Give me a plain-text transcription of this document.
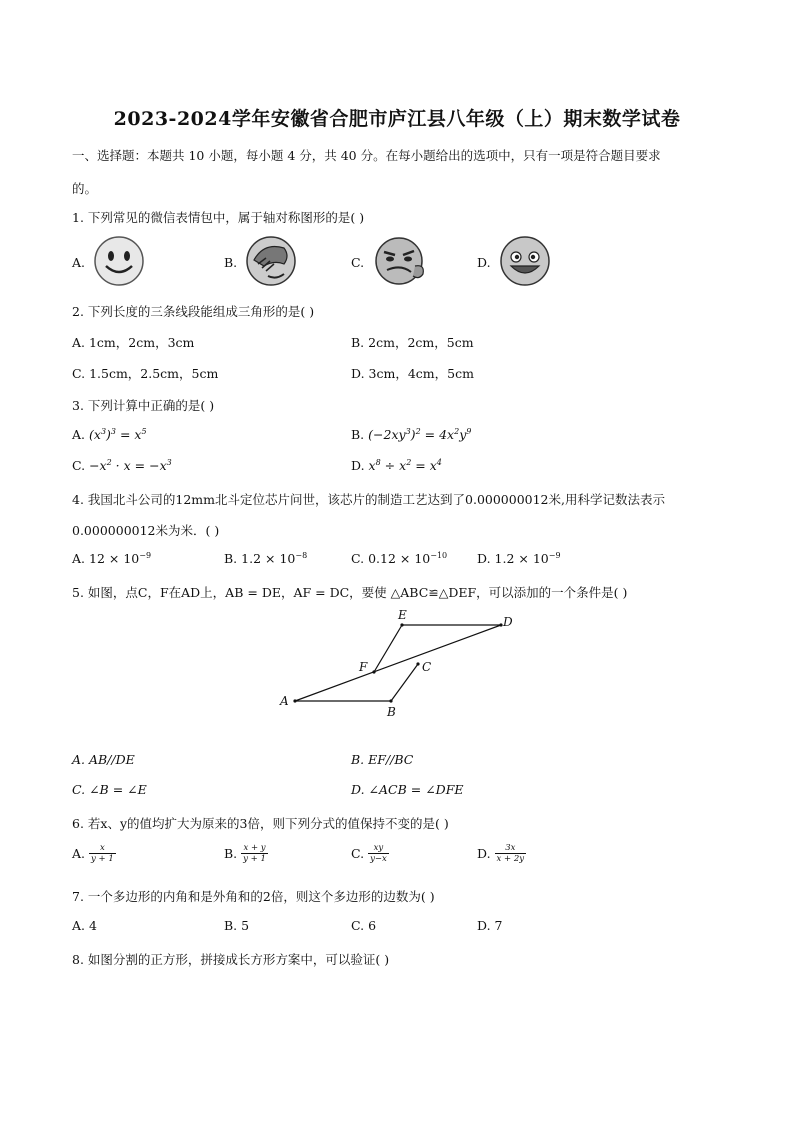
2023-2024学年安徽省合肥市庐江县八年级（上）期末数学试卷
一、选择题：本题共 10 小题，每小题 4 分，共 40 分。在每小题给出的选项中，只有一项是符合题目要求
的。
1. 下列常见的微信表情包中，属于轴对称图形的是( )
A.	B.	C.	D.
2. 下列长度的三条线段能组成三角形的是( )
A. 1cm，2cm，3cm	B. 2cm，2cm，5cm
C. 1.5cm，2.5cm，5cm	D. 3cm，4cm，5cm
3. 下列计算中正确的是( )
A. $(x^3)^3 = x^5$	B. $(-2xy^3)^2 = 4x^2y^9$
C. $-x^2 \cdot x = -x^3$	D. $x^8 \div x^2 = x^4$
4. 我国北斗公司的12mm北斗定位芯片问世，该芯片的制造工艺达到了0.000000012米,用科学记数法表示
0.000000012米为米．( )
A. $12 \times 10^{-9}$	B. $1.2 \times 10^{-8}$	C. $0.12 \times 10^{-10}$ D. $1.2 \times 10^{-9}$
5. 如图，点C，F在AD上，AB = DE，AF = DC，要使 △ABC≌△DEF，可以添加的一个条件是( )
A
B
C
D
E
F
A. AB//DE	B. EF//BC
C. ∠B = ∠E	D. ∠ACB = ∠DFE
6. 若x、y的值均扩大为原来的3倍，则下列分式的值保持不变的是( )
A. $\frac{x}{y + 1}$	B. $\frac{x + y}{y + 1}$	C. $\frac{xy}{y-x}$	D. $\frac{3x}{x + 2y}$
7. 一个多边形的内角和是外角和的2倍，则这个多边形的边数为( )
A. 4	B. 5	C. 6	D. 7
8. 如图分割的正方形，拼接成长方形方案中，可以验证( )
